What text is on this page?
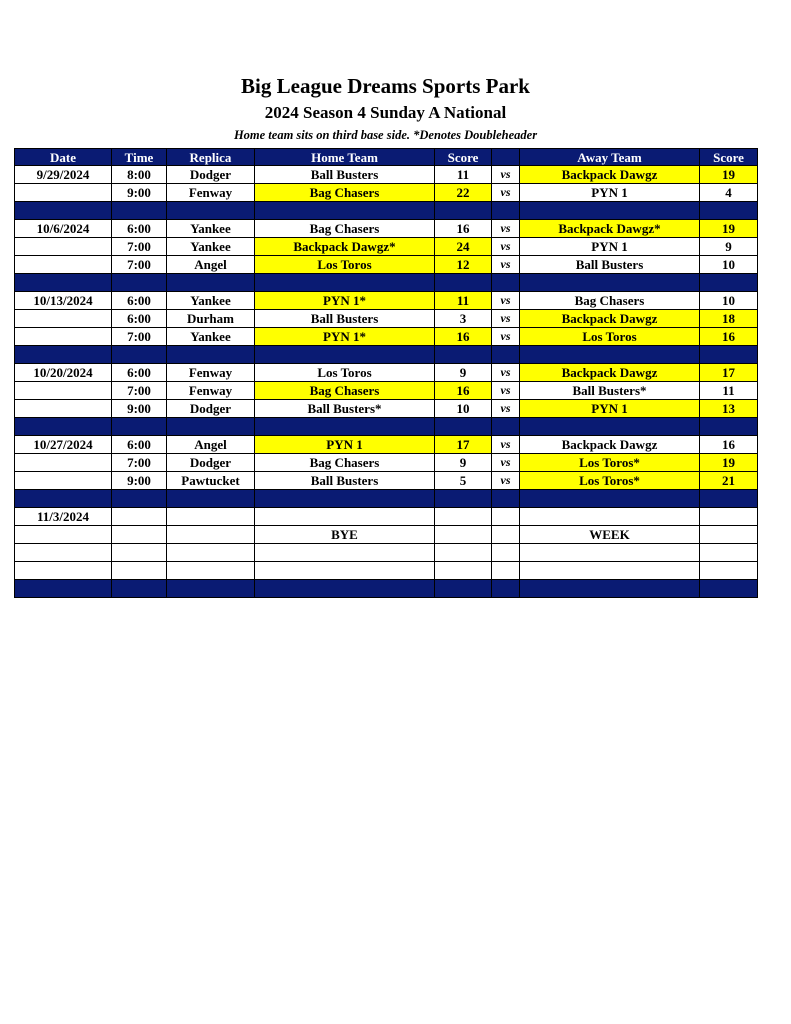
Big League Dreams Sports Park
2024 Season 4 Sunday A National
Home team sits on third base side. *Denotes Doubleheader
Date	Time	Replica	Home Team	Score		Away Team	Score
9/29/2024	8:00	Dodger	Ball Busters	11	vs	Backpack Dawgz	19
	9:00	Fenway	Bag Chasers	22	vs	PYN 1	4

10/6/2024	6:00	Yankee	Bag Chasers	16	vs	Backpack Dawgz*	19
	7:00	Yankee	Backpack Dawgz*	24	vs	PYN 1	9
	7:00	Angel	Los Toros	12	vs	Ball Busters	10

10/13/2024	6:00	Yankee	PYN 1*	11	vs	Bag Chasers	10
	6:00	Durham	Ball Busters	3	vs	Backpack Dawgz	18
	7:00	Yankee	PYN 1*	16	vs	Los Toros	16

10/20/2024	6:00	Fenway	Los Toros	9	vs	Backpack Dawgz	17
	7:00	Fenway	Bag Chasers	16	vs	Ball Busters*	11
	9:00	Dodger	Ball Busters*	10	vs	PYN 1	13

10/27/2024	6:00	Angel	PYN 1	17	vs	Backpack Dawgz	16
	7:00	Dodger	Bag Chasers	9	vs	Los Toros*	19
	9:00	Pawtucket	Ball Busters	5	vs	Los Toros*	21

11/3/2024							
			BYE			WEEK	
